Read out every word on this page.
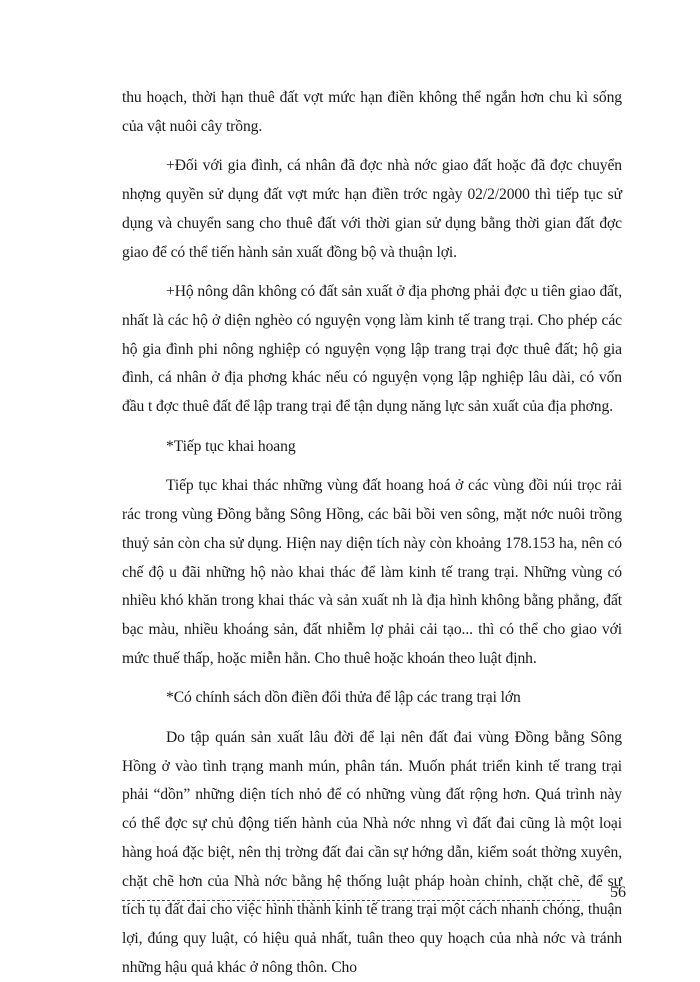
thu hoạch, thời hạn thuê đất vợt mức hạn điền không thể ngắn hơn chu kì sống của vật nuôi cây trồng.

+Đối với gia đình, cá nhân đã đợc nhà nớc giao đất hoặc đã đợc chuyển nhợng quyền sử dụng đất vợt mức hạn điền trớc ngày 02/2/2000 thì tiếp tục sử dụng và chuyển sang cho thuê đất với thời gian sử dụng bằng thời gian đất đợc giao để có thể tiến hành sản xuất đồng bộ và thuận lợi.

+Hộ nông dân không có đất sản xuất ở địa phơng phải đợc u tiên giao đất, nhất là các hộ ở diện nghèo có nguyện vọng làm kinh tế trang trại. Cho phép các hộ gia đình phi nông nghiệp có nguyện vọng lập trang trại đợc thuê đất; hộ gia đình, cá nhân ở địa phơng khác nếu có nguyện vọng lập nghiệp lâu dài, có vốn đầu t đợc thuê đất để lập trang trại để tận dụng năng lực sản xuất của địa phơng.

*Tiếp tục khai hoang

Tiếp tục khai thác những vùng đất hoang hoá ở các vùng đồi núi trọc rải rác trong vùng Đồng bằng Sông Hồng, các bãi bồi ven sông, mặt nớc nuôi trồng thuỷ sản còn cha sử dụng. Hiện nay diện tích này còn khoảng 178.153 ha, nên có chế độ u đãi những hộ nào khai thác để làm kinh tế trang trại. Những vùng có nhiều khó khăn trong khai thác và sản xuất nh là địa hình không bằng phẳng, đất bạc màu, nhiều khoáng sản, đất nhiễm lợ phải cải tạo... thì có thể cho giao với mức thuế thấp, hoặc miễn hẳn. Cho thuê hoặc khoán theo luật định.

*Có chính sách dồn điền đổi thửa để lập các trang trại lớn

Do tập quán sản xuất lâu đời để lại nên đất đai vùng Đồng bằng Sông Hồng ở vào tình trạng manh mún, phân tán. Muốn phát triển kinh tế trang trại phải “dồn” những diện tích nhỏ để có những vùng đất rộng hơn. Quá trình này có thể đợc sự chủ động tiến hành của Nhà nớc nhng vì đất đai cũng là một loại hàng hoá đặc biệt, nên thị trờng đất đai cần sự hớng dẫn, kiểm soát thờng xuyên, chặt chẽ hơn của Nhà nớc bằng hệ thống luật pháp hoàn chỉnh, chặt chẽ, để sự tích tụ đất đai cho việc hình thành kinh tế trang trại một cách nhanh chóng, thuận lợi, đúng quy luật, có hiệu quả nhất, tuân theo quy hoạch của nhà nớc và tránh những hậu quả khác ở nông thôn. Cho

56
